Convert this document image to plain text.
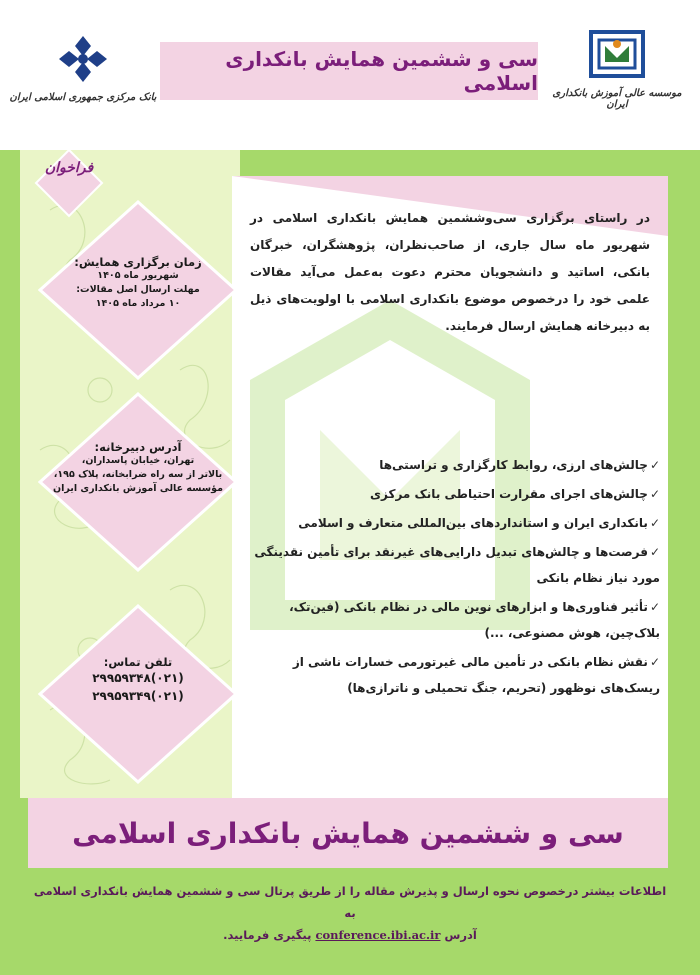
موسسه عالی آموزش بانکداری ایران
سی و ششمین همایش بانکداری اسلامی
بانک مرکزی جمهوری اسلامی ایران
فراخوان
زمان برگزاری همایش:
شهریور ماه ۱۴۰۵
مهلت ارسال اصل مقالات:
۱۰ مرداد ماه ۱۴۰۵
آدرس دبیرخانه:
تهران، خیابان پاسداران،
بالاتر از سه راه ضرابخانه، پلاک ۱۹۵،
مؤسسه عالی آموزش بانکداری ایران
تلفن تماس:
(۰۲۱)۲۹۹۵۹۳۴۸
(۰۲۱)۲۹۹۵۹۳۴۹
در راستای برگزاری سی‌وششمین همایش بانکداری اسلامی در شهریور ماه سال جاری، از صاحب‌نظران، پژوهشگران، خبرگان بانکی، اساتید و دانشجویان محترم دعوت به‌عمل می‌آید مقالات علمی خود را درخصوص موضوع بانکداری اسلامی با اولویت‌های ذیل به دبیرخانه همایش ارسال فرمایند.
✓چالش‌های ارزی، روابط کارگزاری و تراستی‌ها
✓چالش‌های اجرای مقرارت احتیاطی بانک مرکزی
✓بانکداری ایران و استانداردهای بین‌المللی متعارف و اسلامی
✓فرصت‌ها و چالش‌های تبدیل دارایی‌های غیرنقد برای تأمین نقدینگی مورد نیاز نظام بانکی
✓تأثیر فناوری‌ها و ابزارهای نوین مالی در نظام بانکی (فین‌تک، بلاک‌چین، هوش مصنوعی، ...)
✓نقش نظام بانکی در تأمین مالی غیرتورمی خسارات ناشی از ریسک‌های نوظهور (تحریم، جنگ تحمیلی و ناترازی‌ها)
سی و ششمین همایش بانکداری اسلامی
اطلاعات بیشتر درخصوص نحوه ارسال و پذیرش مقاله را از طریق پرتال سی و ششمین همایش بانکداری اسلامی به
آدرس conference.ibi.ac.ir پیگیری فرمایید.
